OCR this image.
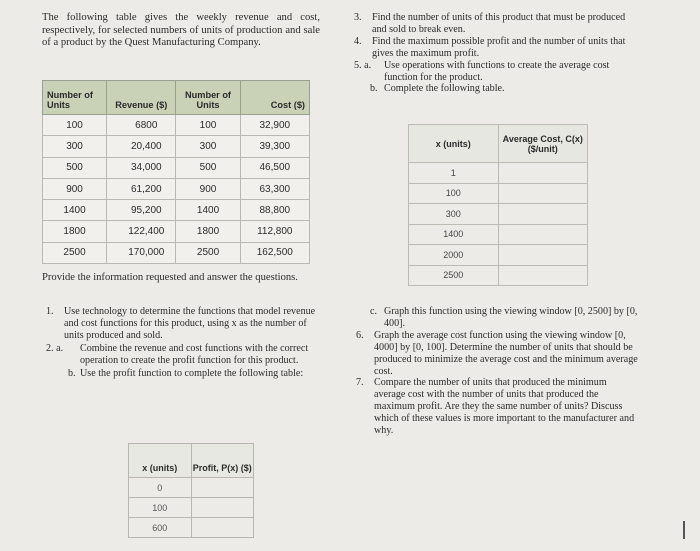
The following table gives the weekly revenue and cost, respectively, for selected numbers of units of production and sale of a product by the Quest Manufacturing Company.
Number of Units	Revenue ($)	Number of Units	Cost ($)
100	6800	100	32,900
300	20,400	300	39,300
500	34,000	500	46,500
900	61,200	900	63,300
1400	95,200	1400	88,800
1800	122,400	1800	112,800
2500	170,000	2500	162,500
Provide the information requested and answer the questions.
1. Use technology to determine the functions that model revenue and cost functions for this product, using x as the number of units produced and sold.
2. a. Combine the revenue and cost functions with the correct operation to create the profit function for this product.
b. Use the profit function to complete the following table:
x (units)	Profit, P(x) ($)
0	
100	
600	
3. Find the number of units of this product that must be produced and sold to break even.
4. Find the maximum possible profit and the number of units that gives the maximum profit.
5. a. Use operations with functions to create the average cost function for the product.
b. Complete the following table.
x (units)	Average Cost, C(x) ($/unit)
1	
100	
300	
1400	
2000	
2500	
c. Graph this function using the viewing window [0, 2500] by [0, 400].
6. Graph the average cost function using the viewing window [0, 4000] by [0, 100]. Determine the number of units that should be produced to minimize the average cost and the minimum average cost.
7. Compare the number of units that produced the minimum average cost with the number of units that produced the maximum profit. Are they the same number of units? Discuss which of these values is more important to the manufacturer and why.
